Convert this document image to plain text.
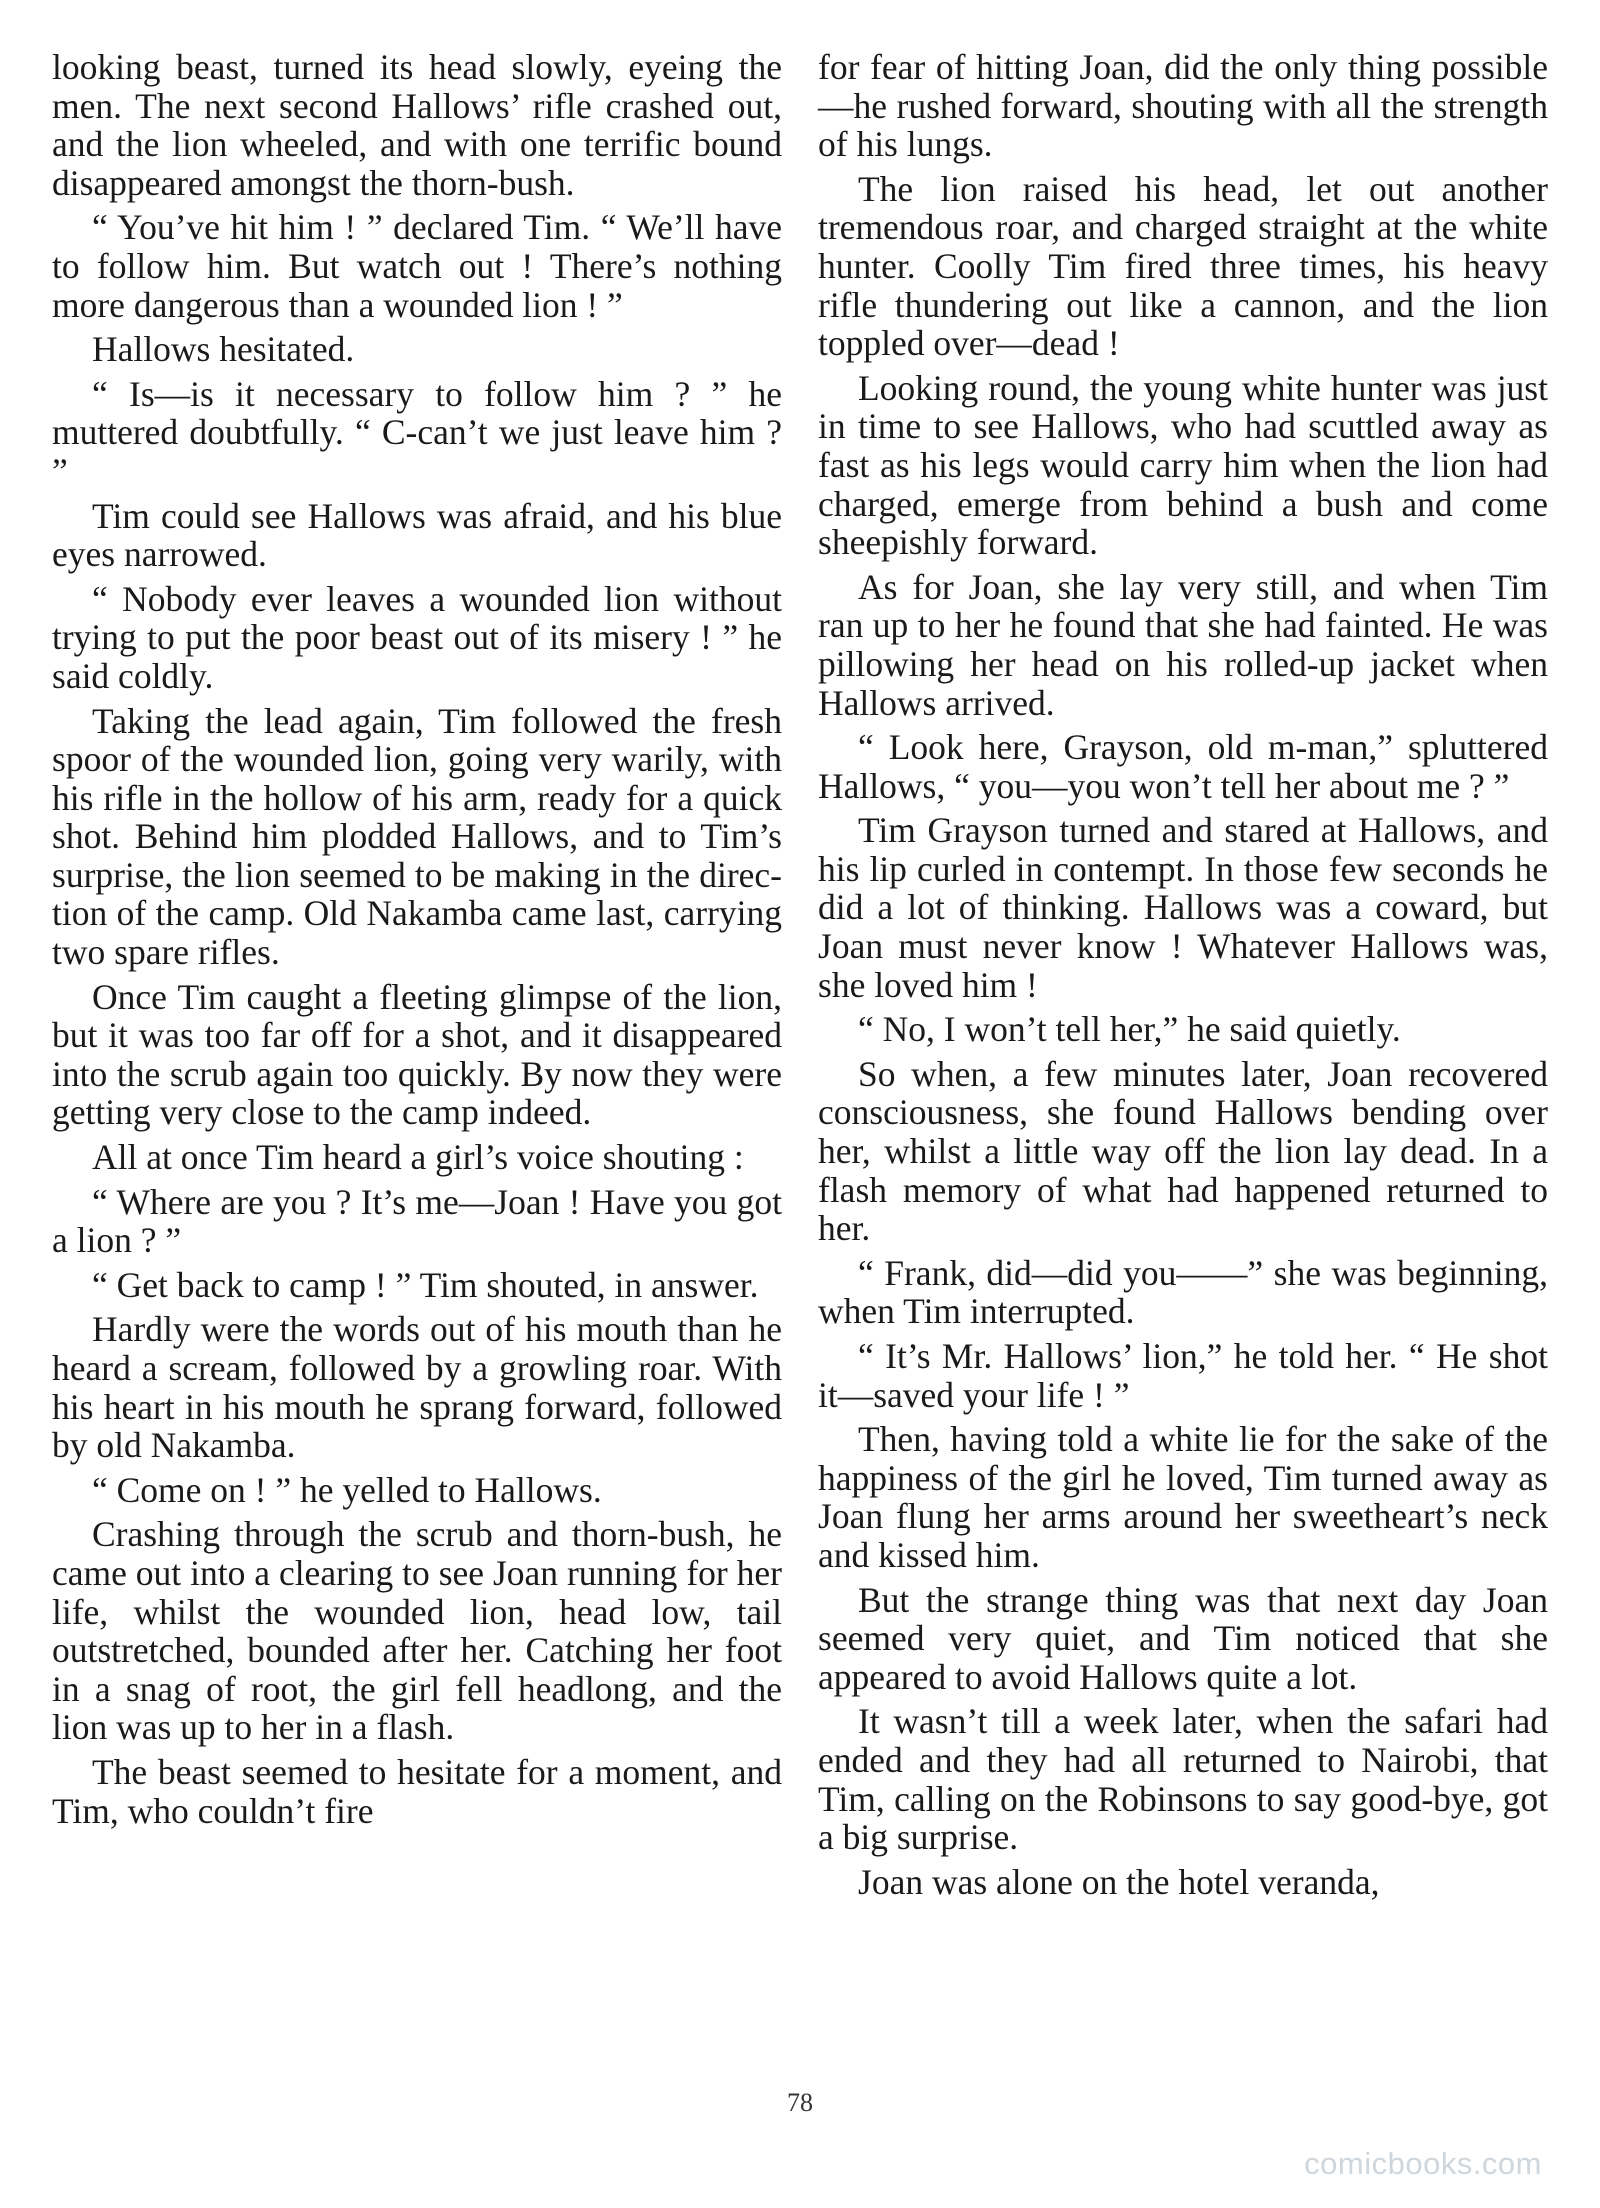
looking beast, turned its head slowly, eyeing the men. The next second Hallows’ rifle crashed out, and the lion wheeled, and with one terrific bound disappeared amongst the thorn-bush.

“ You’ve hit him ! ” declared Tim. “ We’ll have to follow him. But watch out ! There’s nothing more dangerous than a wounded lion ! ”

Hallows hesitated.

“ Is—is it necessary to follow him ? ” he muttered doubtfully. “ C-can’t we just leave him ? ”

Tim could see Hallows was afraid, and his blue eyes narrowed.

“ Nobody ever leaves a wounded lion without trying to put the poor beast out of its misery ! ” he said coldly.

Taking the lead again, Tim followed the fresh spoor of the wounded lion, going very warily, with his rifle in the hollow of his arm, ready for a quick shot. Behind him plodded Hallows, and to Tim’s surprise, the lion seemed to be making in the direction of the camp. Old Nakamba came last, carrying two spare rifles.

Once Tim caught a fleeting glimpse of the lion, but it was too far off for a shot, and it disappeared into the scrub again too quickly. By now they were getting very close to the camp indeed.

All at once Tim heard a girl’s voice shouting :

“ Where are you ? It’s me—Joan ! Have you got a lion ? ”

“ Get back to camp ! ” Tim shouted, in answer.

Hardly were the words out of his mouth than he heard a scream, followed by a growling roar. With his heart in his mouth he sprang forward, followed by old Nakamba.

“ Come on ! ” he yelled to Hallows.

Crashing through the scrub and thorn-bush, he came out into a clearing to see Joan running for her life, whilst the wounded lion, head low, tail outstretched, bounded after her. Catching her foot in a snag of root, the girl fell headlong, and the lion was up to her in a flash.

The beast seemed to hesitate for a moment, and Tim, who couldn’t fire

for fear of hitting Joan, did the only thing possible—he rushed forward, shouting with all the strength of his lungs.

The lion raised his head, let out another tremendous roar, and charged straight at the white hunter. Coolly Tim fired three times, his heavy rifle thundering out like a cannon, and the lion toppled over—dead !

Looking round, the young white hunter was just in time to see Hallows, who had scuttled away as fast as his legs would carry him when the lion had charged, emerge from behind a bush and come sheepishly forward.

As for Joan, she lay very still, and when Tim ran up to her he found that she had fainted. He was pillowing her head on his rolled-up jacket when Hallows arrived.

“ Look here, Grayson, old m-man,” spluttered Hallows, “ you—you won’t tell her about me ? ”

Tim Grayson turned and stared at Hallows, and his lip curled in contempt. In those few seconds he did a lot of thinking. Hallows was a coward, but Joan must never know ! Whatever Hallows was, she loved him !

“ No, I won’t tell her,” he said quietly.

So when, a few minutes later, Joan recovered consciousness, she found Hallows bending over her, whilst a little way off the lion lay dead. In a flash memory of what had happened returned to her.

“ Frank, did—did you——” she was beginning, when Tim interrupted.

“ It’s Mr. Hallows’ lion,” he told her. “ He shot it—saved your life ! ”

Then, having told a white lie for the sake of the happiness of the girl he loved, Tim turned away as Joan flung her arms around her sweetheart’s neck and kissed him.

But the strange thing was that next day Joan seemed very quiet, and Tim noticed that she appeared to avoid Hallows quite a lot.

It wasn’t till a week later, when the safari had ended and they had all returned to Nairobi, that Tim, calling on the Robinsons to say good-bye, got a big surprise.

Joan was alone on the hotel veranda,

78
comicbooks.com
